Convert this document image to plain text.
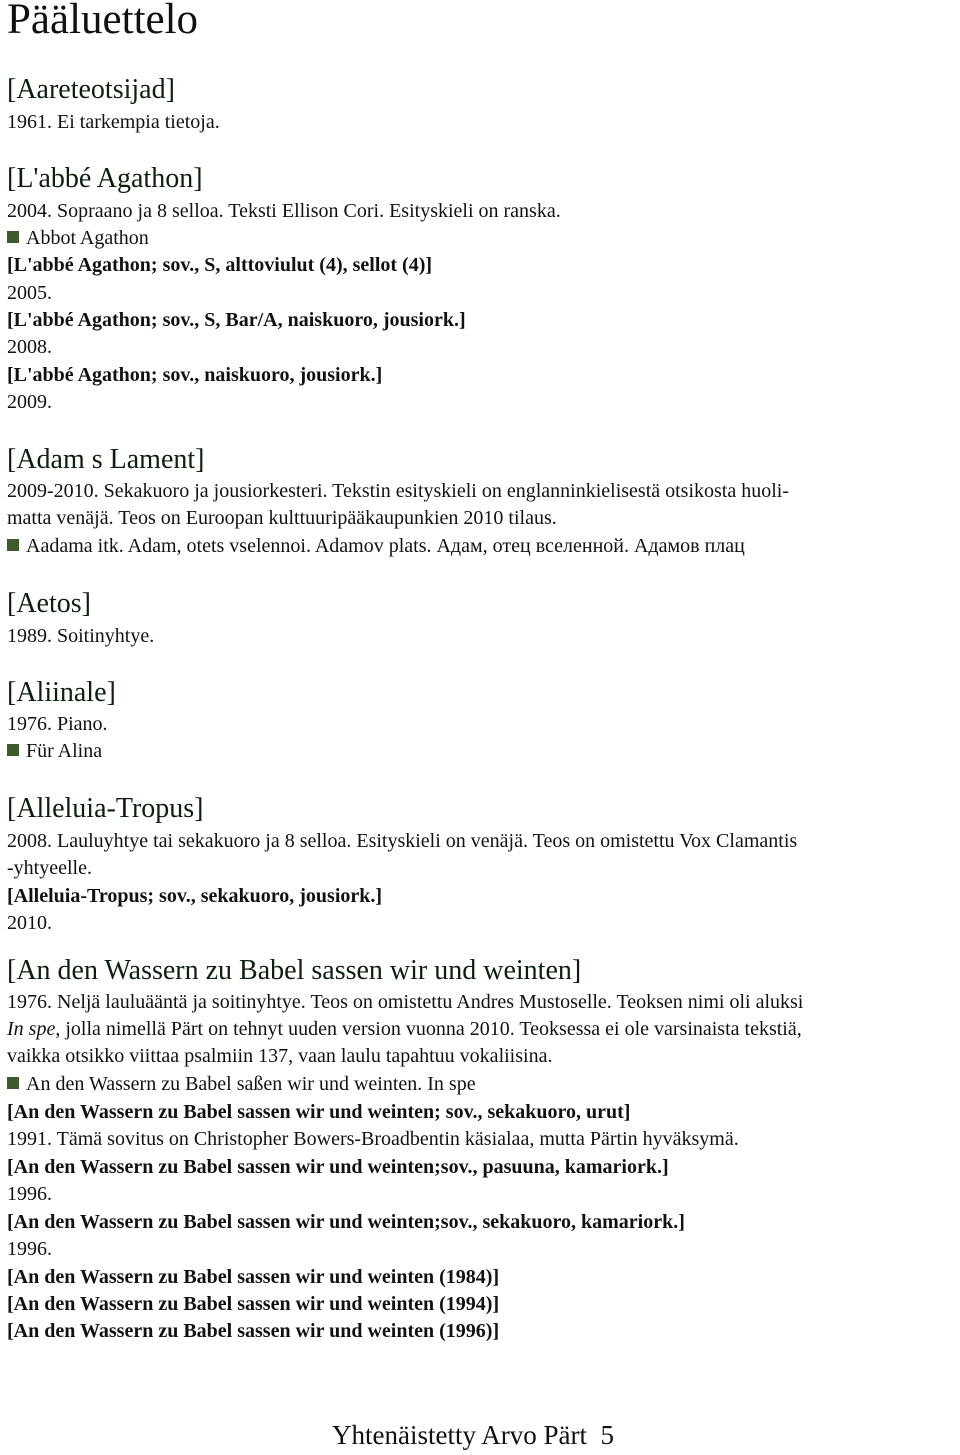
Pääluettelo
[Aareteotsijad]
1961. Ei tarkempia tietoja.
[L'abbé Agathon]
2004. Sopraano ja 8 selloa. Teksti Ellison Cori. Esityskieli on ranska.
Abbot Agathon
[L'abbé Agathon; sov., S, alttoviulut (4), sellot (4)]
2005.
[L'abbé Agathon; sov., S, Bar/A, naiskuoro, jousiork.]
2008.
[L'abbé Agathon; sov., naiskuoro, jousiork.]
2009.
[Adam s Lament]
2009-2010. Sekakuoro ja jousiorkesteri. Tekstin esityskieli on englanninkielisestä otsikosta huoli-
matta venäjä. Teos on Euroopan kulttuuripääkaupunkien 2010 tilaus.
Aadama itk. Adam, otets vselennoi. Adamov plats. Адам, отец вселенной. Адамов плац
[Aetos]
1989. Soitinyhtye.
[Aliinale]
1976. Piano.
Für Alina
[Alleluia-Tropus]
2008. Lauluyhtye tai sekakuoro ja 8 selloa. Esityskieli on venäjä. Teos on omistettu Vox Clamantis
-yhtyeelle.
[Alleluia-Tropus; sov., sekakuoro, jousiork.]
2010.
[An den Wassern zu Babel sassen wir und weinten]
1976. Neljä lauluääntä ja soitinyhtye. Teos on omistettu Andres Mustoselle. Teoksen nimi oli aluksi
In spe, jolla nimellä Pärt on tehnyt uuden version vuonna 2010. Teoksessa ei ole varsinaista tekstiä,
vaikka otsikko viittaa psalmiin 137, vaan laulu tapahtuu vokaliisina.
An den Wassern zu Babel saßen wir und weinten. In spe
[An den Wassern zu Babel sassen wir und weinten; sov., sekakuoro, urut]
1991. Tämä sovitus on Christopher Bowers-Broadbentin käsialaa, mutta Pärtin hyväksymä.
[An den Wassern zu Babel sassen wir und weinten;sov., pasuuna, kamariork.]
1996.
[An den Wassern zu Babel sassen wir und weinten;sov., sekakuoro, kamariork.]
1996.
[An den Wassern zu Babel sassen wir und weinten (1984)]
[An den Wassern zu Babel sassen wir und weinten (1994)]
[An den Wassern zu Babel sassen wir und weinten (1996)]
Yhtenäistetty Arvo Pärt 5
